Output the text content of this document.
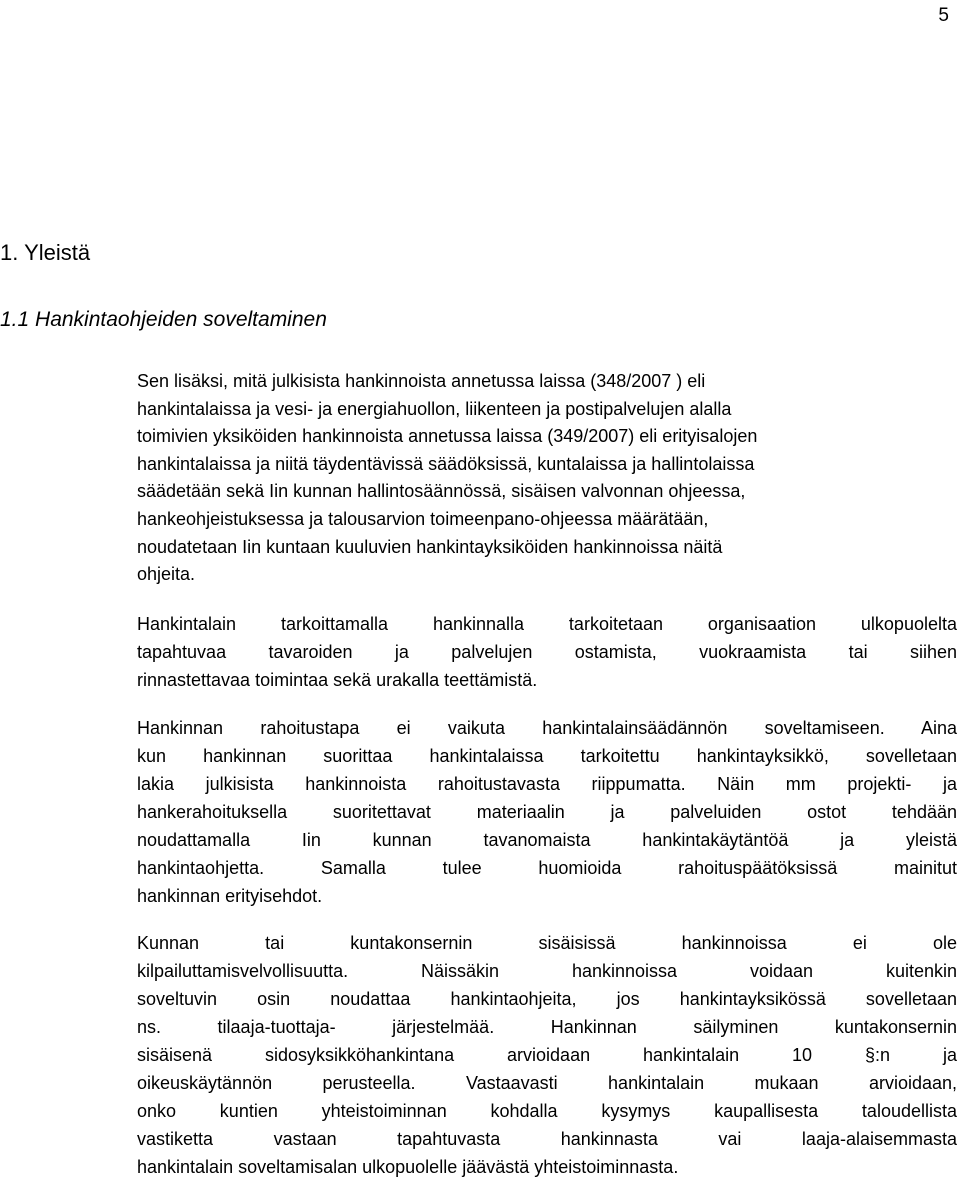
5
1. Yleistä
1.1 Hankintaohjeiden soveltaminen
Sen lisäksi, mitä julkisista hankinnoista annetussa laissa (348/2007 ) eli
hankintalaissa ja vesi- ja energiahuollon, liikenteen ja postipalvelujen alalla
toimivien yksiköiden hankinnoista annetussa laissa (349/2007) eli erityisalojen
hankintalaissa ja niitä täydentävissä säädöksissä, kuntalaissa ja hallintolaissa
säädetään sekä Iin kunnan hallintosäännössä, sisäisen valvonnan ohjeessa,
hankeohjeistuksessa ja talousarvion toimeenpano-ohjeessa määrätään,
noudatetaan Iin kuntaan kuuluvien hankintayksiköiden hankinnoissa näitä
ohjeita.
Hankintalain tarkoittamalla hankinnalla tarkoitetaan organisaation ulkopuolelta
tapahtuvaa tavaroiden ja palvelujen ostamista, vuokraamista tai siihen
rinnastettavaa toimintaa sekä urakalla teettämistä.
Hankinnan rahoitustapa ei vaikuta hankintalainsäädännön soveltamiseen. Aina
kun hankinnan suorittaa hankintalaissa tarkoitettu hankintayksikkö, sovelletaan
lakia julkisista hankinnoista rahoitustavasta riippumatta. Näin mm projekti- ja
hankerahoituksella suoritettavat materiaalin ja palveluiden ostot tehdään
noudattamalla Iin kunnan tavanomaista hankintakäytäntöä ja yleistä
hankintaohjetta. Samalla tulee huomioida rahoituspäätöksissä mainitut
hankinnan erityisehdot.
Kunnan tai kuntakonsernin sisäisissä hankinnoissa ei ole
kilpailuttamisvelvollisuutta. Näissäkin hankinnoissa voidaan kuitenkin
soveltuvin osin noudattaa hankintaohjeita, jos hankintayksikössä sovelletaan
ns. tilaaja-tuottaja- järjestelmää. Hankinnan säilyminen kuntakonsernin
sisäisenä sidosyksikköhankintana arvioidaan hankintalain 10 §:n ja
oikeuskäytännön perusteella. Vastaavasti hankintalain mukaan arvioidaan,
onko kuntien yhteistoiminnan kohdalla kysymys kaupallisesta taloudellista
vastiketta vastaan tapahtuvasta hankinnasta vai laaja-alaisemmasta
hankintalain soveltamisalan ulkopuolelle jäävästä yhteistoiminnasta.
